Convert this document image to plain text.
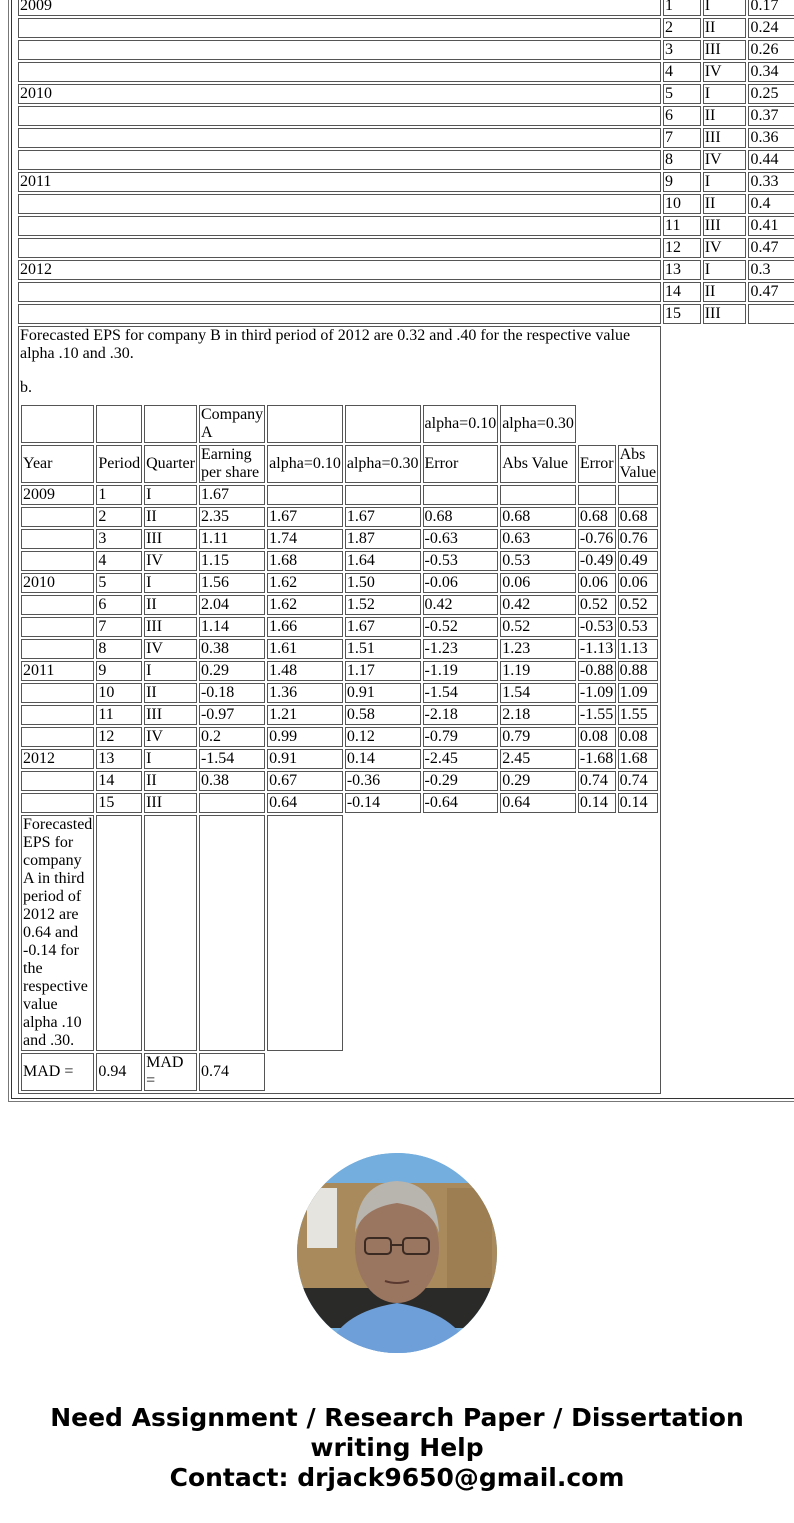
2009	1	I	0.17
	2	II	0.24
	3	III	0.26
	4	IV	0.34
2010	5	I	0.25
	6	II	0.37
	7	III	0.36
	8	IV	0.44
2011	9	I	0.33
	10	II	0.4
	11	III	0.41
	12	IV	0.47
2012	13	I	0.3
	14	II	0.47
	15	III	

Forecasted EPS for company B in third period of 2012 are 0.32 and .40 for the respective value alpha .10 and .30.
b.
			Company A			alpha=0.10	alpha=0.30	
Year	Period	Quarter	Earning per share	alpha=0.10	alpha=0.30	Error	Abs Value	Error	Abs Value
2009	1	I	1.67						
	2	II	2.35	1.67	1.67	0.68	0.68	0.68	0.68
	3	III	1.11	1.74	1.87	-0.63	0.63	-0.76	0.76
	4	IV	1.15	1.68	1.64	-0.53	0.53	-0.49	0.49
2010	5	I	1.56	1.62	1.50	-0.06	0.06	0.06	0.06
	6	II	2.04	1.62	1.52	0.42	0.42	0.52	0.52
	7	III	1.14	1.66	1.67	-0.52	0.52	-0.53	0.53
	8	IV	0.38	1.61	1.51	-1.23	1.23	-1.13	1.13
2011	9	I	0.29	1.48	1.17	-1.19	1.19	-0.88	0.88
	10	II	-0.18	1.36	0.91	-1.54	1.54	-1.09	1.09
	11	III	-0.97	1.21	0.58	-2.18	2.18	-1.55	1.55
	12	IV	0.2	0.99	0.12	-0.79	0.79	0.08	0.08
2012	13	I	-1.54	0.91	0.14	-2.45	2.45	-1.68	1.68
	14	II	0.38	0.67	-0.36	-0.29	0.29	0.74	0.74
	15	III		0.64	-0.14	-0.64	0.64	0.14	0.14
Forecasted EPS for company A in third period of 2012 are 0.64 and -0.14 for the respective value alpha .10 and .30.					
MAD =	0.94	MAD =	0.74	

Need Assignment / Research Paper / Dissertation
writing Help
Contact: drjack9650@gmail.com
